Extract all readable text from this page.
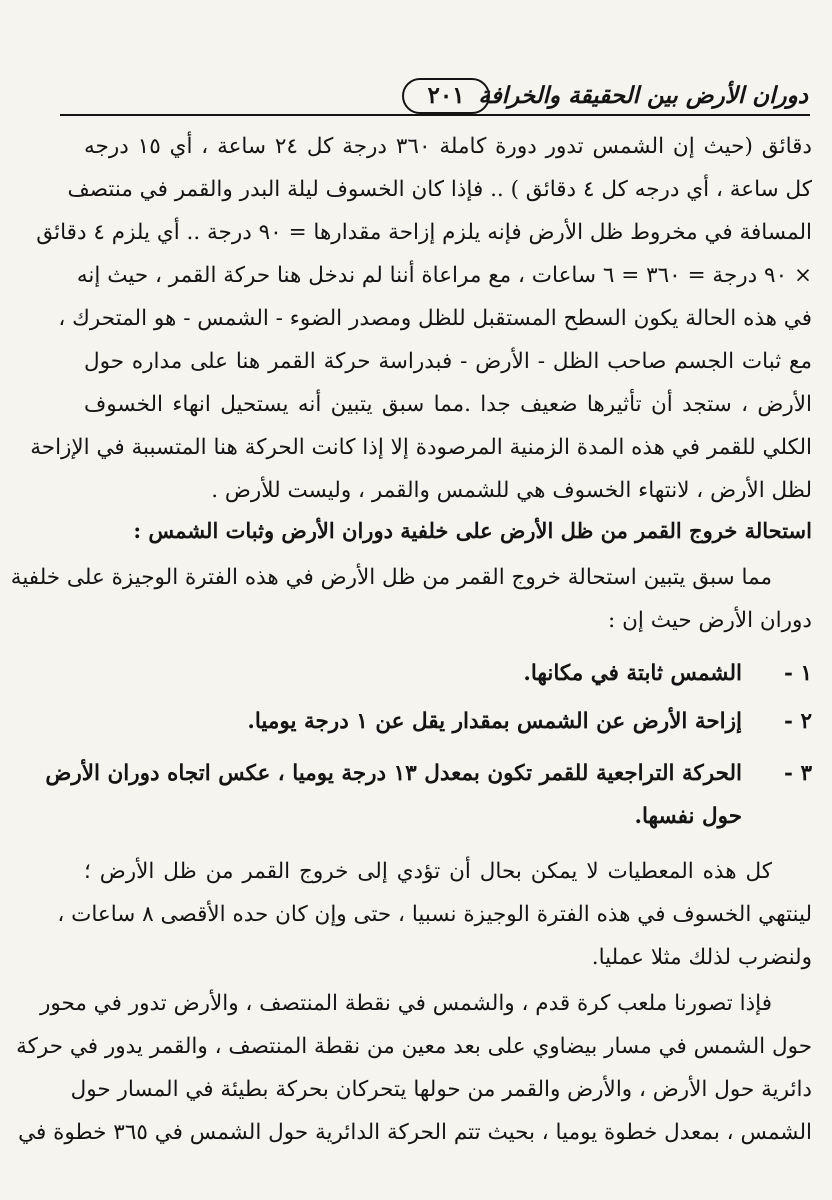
دوران الأرض بين الحقيقة والخرافة
٢٠١
دقائق (حيث إن الشمس تدور دورة كاملة ٣٦٠ درجة كل ٢٤ ساعة ، أي ١٥ درجه
كل ساعة ، أي درجه كل ٤ دقائق ) .. فإذا كان الخسوف ليلة البدر والقمر في منتصف
المسافة في مخروط ظل الأرض فإنه يلزم إزاحة مقدارها = ٩٠ درجة .. أي يلزم ٤ دقائق
× ٩٠ درجة = ٣٦٠ = ٦ ساعات ، مع مراعاة أننا لم ندخل هنا حركة القمر ، حيث إنه
في هذه الحالة يكون السطح المستقبل للظل ومصدر الضوء - الشمس - هو المتحرك ،
مع ثبات الجسم صاحب الظل - الأرض - فبدراسة حركة القمر هنا على مداره حول
الأرض ، ستجد أن تأثيرها ضعيف جدا .مما سبق يتبين أنه يستحيل انهاء الخسوف
الكلي للقمر في هذه المدة الزمنية المرصودة إلا إذا كانت الحركة هنا المتسببة في الإزاحة
لظل الأرض ، لانتهاء الخسوف هي للشمس والقمر ، وليست للأرض .
استحالة خروج القمر من ظل الأرض على خلفية دوران الأرض وثبات الشمس :
مما سبق يتبين استحالة خروج القمر من ظل الأرض في هذه الفترة الوجيزة على خلفية
دوران الأرض حيث إن :
١ -
الشمس ثابتة في مكانها.
٢ -
إزاحة الأرض عن الشمس بمقدار يقل عن ١ درجة يوميا.
٣ -
الحركة التراجعية للقمر تكون بمعدل ١٣ درجة يوميا ، عكس اتجاه دوران الأرض
حول نفسها.
كل هذه المعطيات لا يمكن بحال أن تؤدي إلى خروج القمر من ظل الأرض ؛
لينتهي الخسوف في هذه الفترة الوجيزة نسبيا ، حتى وإن كان حده الأقصى ٨ ساعات ،
ولنضرب لذلك مثلا عمليا.
فإذا تصورنا ملعب كرة قدم ، والشمس في نقطة المنتصف ، والأرض تدور في محور
حول الشمس في مسار بيضاوي على بعد معين من نقطة المنتصف ، والقمر يدور في حركة
دائرية حول الأرض ، والأرض والقمر من حولها يتحركان بحركة بطيئة في المسار حول
الشمس ، بمعدل خطوة يوميا ، بحيث تتم الحركة الدائرية حول الشمس في ٣٦٥ خطوة في
